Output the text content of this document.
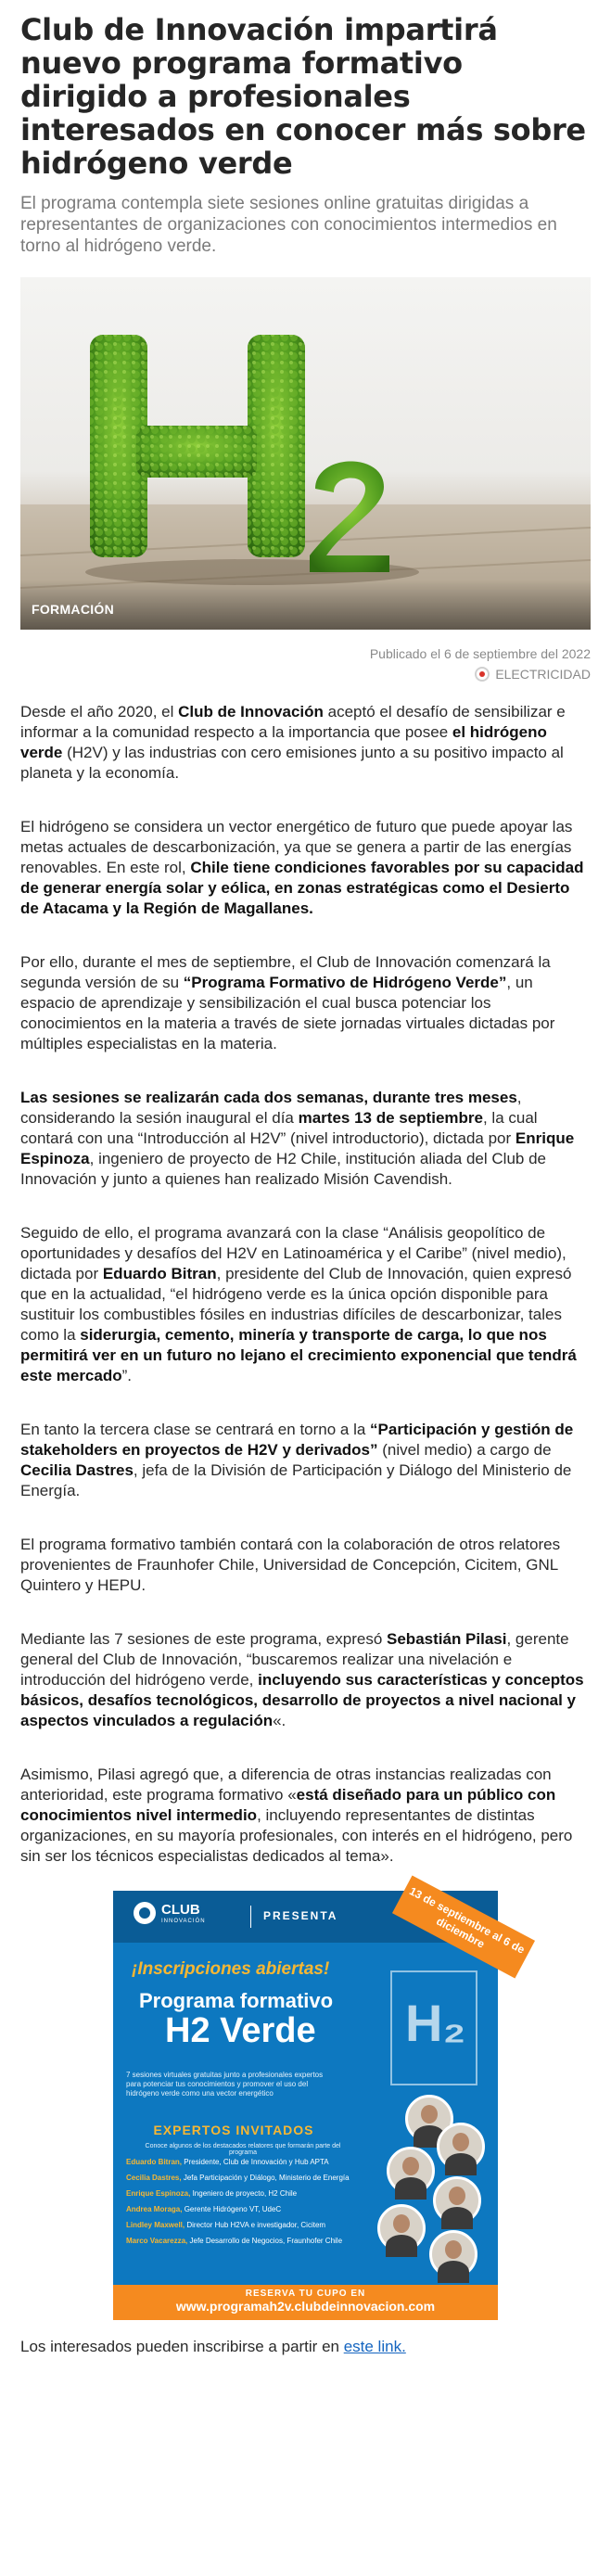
Club de Innovación impartirá nuevo programa formativo dirigido a profesionales interesados en conocer más sobre hidrógeno verde

El programa contempla siete sesiones online gratuitas dirigidas a representantes de organizaciones con conocimientos intermedios en torno al hidrógeno verde.

FORMACIÓN
Publicado el 6 de septiembre del 2022
ELECTRICIDAD

Desde el año 2020, el Club de Innovación aceptó el desafío de sensibilizar e informar a la comunidad respecto a la importancia que posee el hidrógeno verde (H2V) y las industrias con cero emisiones junto a su positivo impacto al planeta y la economía.

El hidrógeno se considera un vector energético de futuro que puede apoyar las metas actuales de descarbonización, ya que se genera a partir de las energías renovables. En este rol, Chile tiene condiciones favorables por su capacidad de generar energía solar y eólica, en zonas estratégicas como el Desierto de Atacama y la Región de Magallanes.

Por ello, durante el mes de septiembre, el Club de Innovación comenzará la segunda versión de su “Programa Formativo de Hidrógeno Verde”, un espacio de aprendizaje y sensibilización el cual busca potenciar los conocimientos en la materia a través de siete jornadas virtuales dictadas por múltiples especialistas en la materia.

Las sesiones se realizarán cada dos semanas, durante tres meses, considerando la sesión inaugural el día martes 13 de septiembre, la cual contará con una “Introducción al H2V” (nivel introductorio), dictada por Enrique Espinoza, ingeniero de proyecto de H2 Chile, institución aliada del Club de Innovación y junto a quienes han realizado Misión Cavendish.

Seguido de ello, el programa avanzará con la clase “Análisis geopolítico de oportunidades y desafíos del H2V en Latinoamérica y el Caribe” (nivel medio), dictada por Eduardo Bitran, presidente del Club de Innovación, quien expresó que en la actualidad, “el hidrógeno verde es la única opción disponible para sustituir los combustibles fósiles en industrias difíciles de descarbonizar, tales como la siderurgia, cemento, minería y transporte de carga, lo que nos permitirá ver en un futuro no lejano el crecimiento exponencial que tendrá este mercado”.

En tanto la tercera clase se centrará en torno a la “Participación y gestión de stakeholders en proyectos de H2V y derivados” (nivel medio) a cargo de Cecilia Dastres, jefa de la División de Participación y Diálogo del Ministerio de Energía.

El programa formativo también contará con la colaboración de otros relatores provenientes de Fraunhofer Chile, Universidad de Concepción, Cicitem, GNL Quintero y HEPU.

Mediante las 7 sesiones de este programa, expresó Sebastián Pilasi, gerente general del Club de Innovación, “buscaremos realizar una nivelación e introducción del hidrógeno verde, incluyendo sus características y conceptos básicos, desafíos tecnológicos, desarrollo de proyectos a nivel nacional y aspectos vinculados a regulación«.

Asimismo, Pilasi agregó que, a diferencia de otras instancias realizadas con anterioridad, este programa formativo «está diseñado para un público con conocimientos nivel intermedio, incluyendo representantes de distintas organizaciones, en su mayoría profesionales, con interés en el hidrógeno, pero sin ser los técnicos especialistas dedicados al tema».

CLUB
INNOVACIÓN	PRESENTA	13 de septiembre al 6 de diciembre
¡Inscripciones abiertas!
Programa formativo
H2 Verde H₂
7 sesiones virtuales gratuitas junto a profesionales expertos para potenciar tus conocimientos y promover el uso del hidrógeno verde como una vector energético
EXPERTOS INVITADOS
Conoce algunos de los destacados relatores que formarán parte del programa
Eduardo Bitran, Presidente, Club de Innovación y Hub APTA
Cecilia Dastres, Jefa Participación y Diálogo, Ministerio de Energía
Enrique Espinoza, Ingeniero de proyecto, H2 Chile
Andrea Moraga, Gerente Hidrógeno VT, UdeC
Lindley Maxwell, Director Hub H2VA e investigador, Cicitem
Marco Vacarezza, Jefe Desarrollo de Negocios, Fraunhofer Chile
RESERVA TU CUPO EN
www.programah2v.clubdeinnovacion.com

Los interesados pueden inscribirse a partir en este link.
